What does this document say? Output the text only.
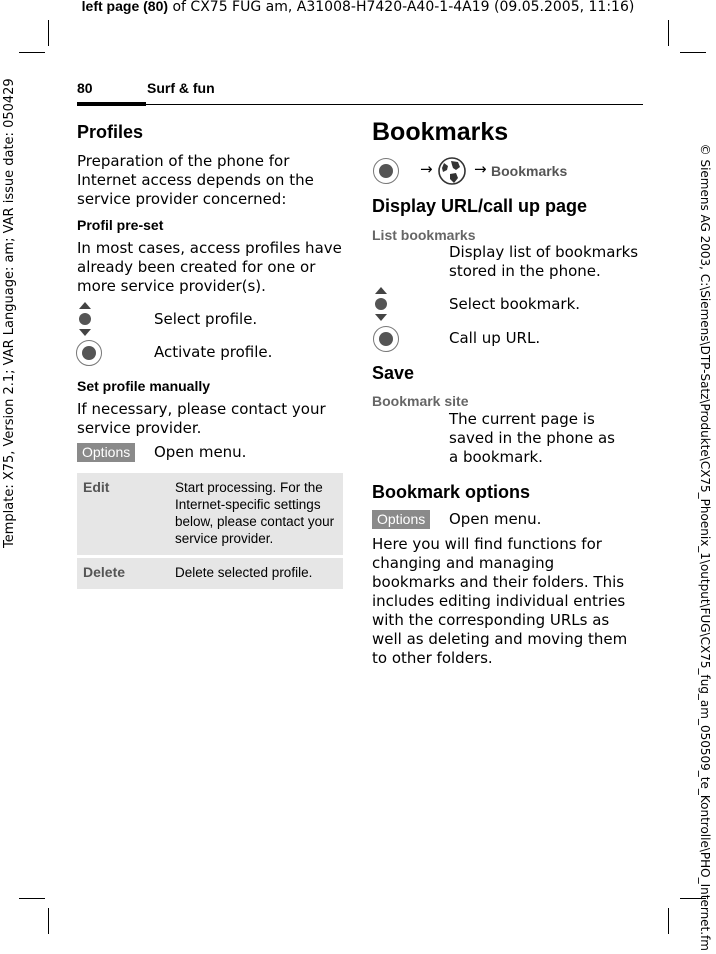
left page (80) of CX75 FUG am, A31008-H7420-A40-1-4A19 (09.05.2005, 11:16)
Template: X75, Version 2.1; VAR Language: am; VAR issue date: 050429	© Siemens AG 2003, C:\Siemens\DTP-Satz\Produkte\CX75_Phoenix_1\output\FUG\CX75_fug_am_050509_te_Kontrolle\PHO_Internet.fm
80	Surf & fun
Profiles
Preparation of the phone for Internet access depends on the service provider concerned:
Profil pre-set
In most cases, access profiles have already been created for one or more service provider(s).
Select profile.
Activate profile.
Set profile manually
If necessary, please contact your service provider.
Options	Open menu.
Edit	Start processing. For the Internet-specific settings below, please contact your service provider.
Delete	Delete selected profile.
Bookmarks
→	→ Bookmarks
Display URL/call up page
List bookmarks
Display list of bookmarks stored in the phone.
Select bookmark.
Call up URL.
Save
Bookmark site
The current page is saved in the phone as a bookmark.
Bookmark options
Options	Open menu.
Here you will find functions for changing and managing bookmarks and their folders. This includes editing individual entries with the corresponding URLs as well as deleting and moving them to other folders.
